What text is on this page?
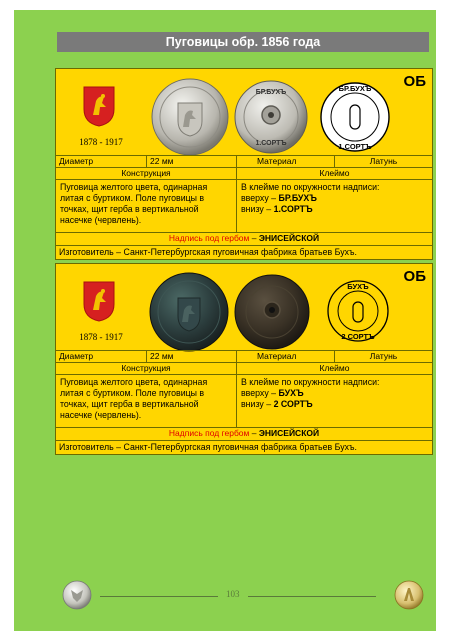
Пуговицы обр. 1856 года
1878 - 1917
БР.БУХЪ
1.СОРТЪ
БР.БУХЪ
1.СОРТЪ
ОБ
Диаметр	22 мм	Материал	Латунь
Конструкция	Клеймо
Пуговица желтого цвета, одинарная литая с буртиком. Поле пуговицы в точках, щит герба в вертикальной насечке (червлень).
В клейме по окружности надписи:
вверху – БР.БУХЪ
внизу – 1.СОРТЪ
Надпись под гербом – ЭНИСЕЙСКОЙ
Изготовитель – Санкт-Петербургская пуговичная фабрика братьев Бухъ.
1878 - 1917
БУХЪ
2 СОРТЪ
ОБ
Диаметр	22 мм	Материал	Латунь
Конструкция	Клеймо
Пуговица желтого цвета, одинарная литая с буртиком. Поле пуговицы в точках, щит герба в вертикальной насечке (червлень).
В клейме по окружности надписи:
вверху – БУХЪ
внизу – 2 СОРТЪ
Надпись под гербом – ЭНИСЕЙСКОЙ
Изготовитель – Санкт-Петербургская пуговичная фабрика братьев Бухъ.
103
